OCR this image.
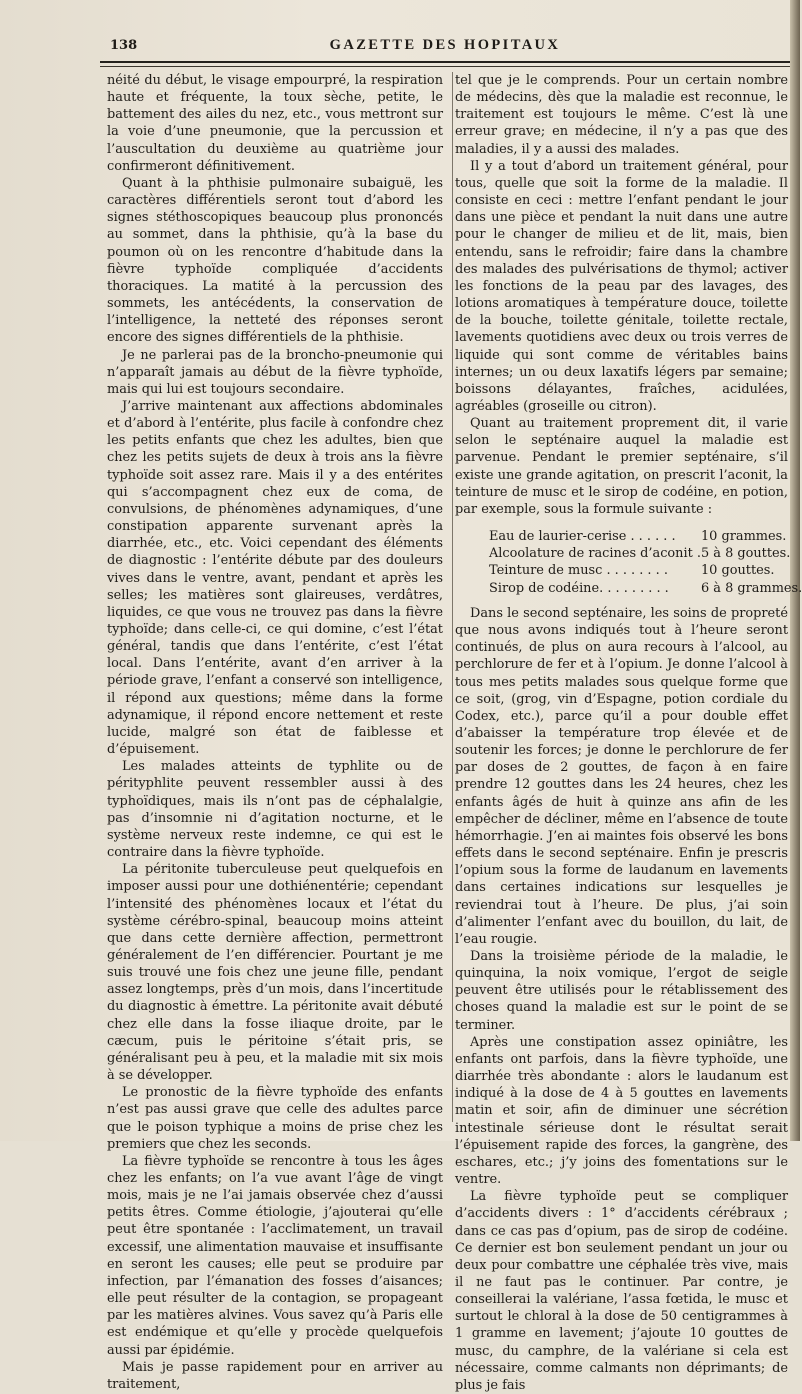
138	GAZETTE DES HOPITAUX

néité du début, le visage empourpré, la respiration haute et fréquente, la toux sèche, petite, le battement des ailes du nez, etc., vous mettront sur la voie d’une pneumonie, que la percussion et l’auscultation du deuxième au quatrième jour confirmeront définitivement.

Quant à la phthisie pulmonaire subaiguë, les caractères différentiels seront tout d’abord les signes stéthoscopiques beaucoup plus prononcés au sommet, dans la phthisie, qu’à la base du poumon où on les rencontre d’habitude dans la fièvre typhoïde compliquée d’accidents thoraciques. La matité à la percussion des sommets, les antécédents, la conservation de l’intelligence, la netteté des réponses seront encore des signes différentiels de la phthisie.

Je ne parlerai pas de la broncho-pneumonie qui n’apparaît jamais au début de la fièvre typhoïde, mais qui lui est toujours secondaire.

J’arrive maintenant aux affections abdominales et d’abord à l’entérite, plus facile à confondre chez les petits enfants que chez les adultes, bien que chez les petits sujets de deux à trois ans la fièvre typhoïde soit assez rare. Mais il y a des entérites qui s’accompagnent chez eux de coma, de convulsions, de phénomènes adynamiques, d’une constipation apparente survenant après la diarrhée, etc., etc. Voici cependant des éléments de diagnostic : l’entérite débute par des douleurs vives dans le ventre, avant, pendant et après les selles; les matières sont glaireuses, verdâtres, liquides, ce que vous ne trouvez pas dans la fièvre typhoïde; dans celle-ci, ce qui domine, c’est l’état général, tandis que dans l’entérite, c’est l’état local. Dans l’entérite, avant d’en arriver à la période grave, l’enfant a conservé son intelligence, il répond aux questions; même dans la forme adynamique, il répond encore nettement et reste lucide, malgré son état de faiblesse et d’épuisement.

Les malades atteints de typhlite ou de pérityphlite peuvent ressembler aussi à des typhoïdiques, mais ils n’ont pas de céphalalgie, pas d’insomnie ni d’agitation nocturne, et le système nerveux reste indemne, ce qui est le contraire dans la fièvre typhoïde.

La péritonite tuberculeuse peut quelquefois en imposer aussi pour une dothiénentérie; cependant l’intensité des phénomènes locaux et l’état du système cérébro-spinal, beaucoup moins atteint que dans cette dernière affection, permettront généralement de l’en différencier. Pourtant je me suis trouvé une fois chez une jeune fille, pendant assez longtemps, près d’un mois, dans l’incertitude du diagnostic à émettre. La péritonite avait débuté chez elle dans la fosse iliaque droite, par le cæcum, puis le péritoine s’était pris, se généralisant peu à peu, et la maladie mit six mois à se développer.

Le pronostic de la fièvre typhoïde des enfants n’est pas aussi grave que celle des adultes parce que le poison typhique a moins de prise chez les premiers que chez les seconds.

La fièvre typhoïde se rencontre à tous les âges chez les enfants; on l’a vue avant l’âge de vingt mois, mais je ne l’ai jamais observée chez d’aussi petits êtres. Comme étiologie, j’ajouterai qu’elle peut être spontanée : l’acclimatement, un travail excessif, une alimentation mauvaise et insuffisante en seront les causes; elle peut se produire par infection, par l’émanation des fosses d’aisances; elle peut résulter de la contagion, se propageant par les matières alvines. Vous savez qu’à Paris elle est endémique et qu’elle y procède quelquefois aussi par épidémie.

Mais je passe rapidement pour en arriver au traitement,

tel que je le comprends. Pour un certain nombre de médecins, dès que la maladie est reconnue, le traitement est toujours le même. C’est là une erreur grave; en médecine, il n’y a pas que des maladies, il y a aussi des malades.

Il y a tout d’abord un traitement général, pour tous, quelle que soit la forme de la maladie. Il consiste en ceci : mettre l’enfant pendant le jour dans une pièce et pendant la nuit dans une autre pour le changer de milieu et de lit, mais, bien entendu, sans le refroidir; faire dans la chambre des malades des pulvérisations de thymol; activer les fonctions de la peau par des lavages, des lotions aromatiques à température douce, toilette de la bouche, toilette génitale, toilette rectale, lavements quotidiens avec deux ou trois verres de liquide qui sont comme de véritables bains internes; un ou deux laxatifs légers par semaine; boissons délayantes, fraîches, acidulées, agréables (groseille ou citron).

Quant au traitement proprement dit, il varie selon le septénaire auquel la maladie est parvenue. Pendant le premier septénaire, s’il existe une grande agitation, on prescrit l’aconit, la teinture de musc et le sirop de codéine, en potion, par exemple, sous la formule suivante :

Eau de laurier-cerise . . . . . .	10 grammes.
Alcoolature de racines d’aconit .	5 à 8 gouttes.
Teinture de musc . . . . . . . .	10 gouttes.
Sirop de codéine. . . . . . . . .	6 à 8 grammes.

Dans le second septénaire, les soins de propreté que nous avons indiqués tout à l’heure seront continués, de plus on aura recours à l’alcool, au perchlorure de fer et à l’opium. Je donne l’alcool à tous mes petits malades sous quelque forme que ce soit, (grog, vin d’Espagne, potion cordiale du Codex, etc.), parce qu’il a pour double effet d’abaisser la température trop élevée et de soutenir les forces; je donne le perchlorure de fer par doses de 2 gouttes, de façon à en faire prendre 12 gouttes dans les 24 heures, chez les enfants âgés de huit à quinze ans afin de les empêcher de décliner, même en l’absence de toute hémorrhagie. J’en ai maintes fois observé les bons effets dans le second septénaire. Enfin je prescris l’opium sous la forme de laudanum en lavements dans certaines indications sur lesquelles je reviendrai tout à l’heure. De plus, j’ai soin d’alimenter l’enfant avec du bouillon, du lait, de l’eau rougie.

Dans la troisième période de la maladie, le quinquina, la noix vomique, l’ergot de seigle peuvent être utilisés pour le rétablissement des choses quand la maladie est sur le point de se terminer.

Après une constipation assez opiniâtre, les enfants ont parfois, dans la fièvre typhoïde, une diarrhée très abondante : alors le laudanum est indiqué à la dose de 4 à 5 gouttes en lavements matin et soir, afin de diminuer une sécrétion intestinale sérieuse dont le résultat serait l’épuisement rapide des forces, la gangrène, des eschares, etc.; j’y joins des fomentations sur le ventre.

La fièvre typhoïde peut se compliquer d’accidents divers : 1° d’accidents cérébraux ; dans ce cas pas d’opium, pas de sirop de codéine. Ce dernier est bon seulement pendant un jour ou deux pour combattre une céphalée très vive, mais il ne faut pas le continuer. Par contre, je conseillerai la valériane, l’assa fœtida, le musc et surtout le chloral à la dose de 50 centigrammes à 1 gramme en lavement; j’ajoute 10 gouttes de musc, du camphre, de la valériane si cela est nécessaire, comme calmants non déprimants; de plus je fais
